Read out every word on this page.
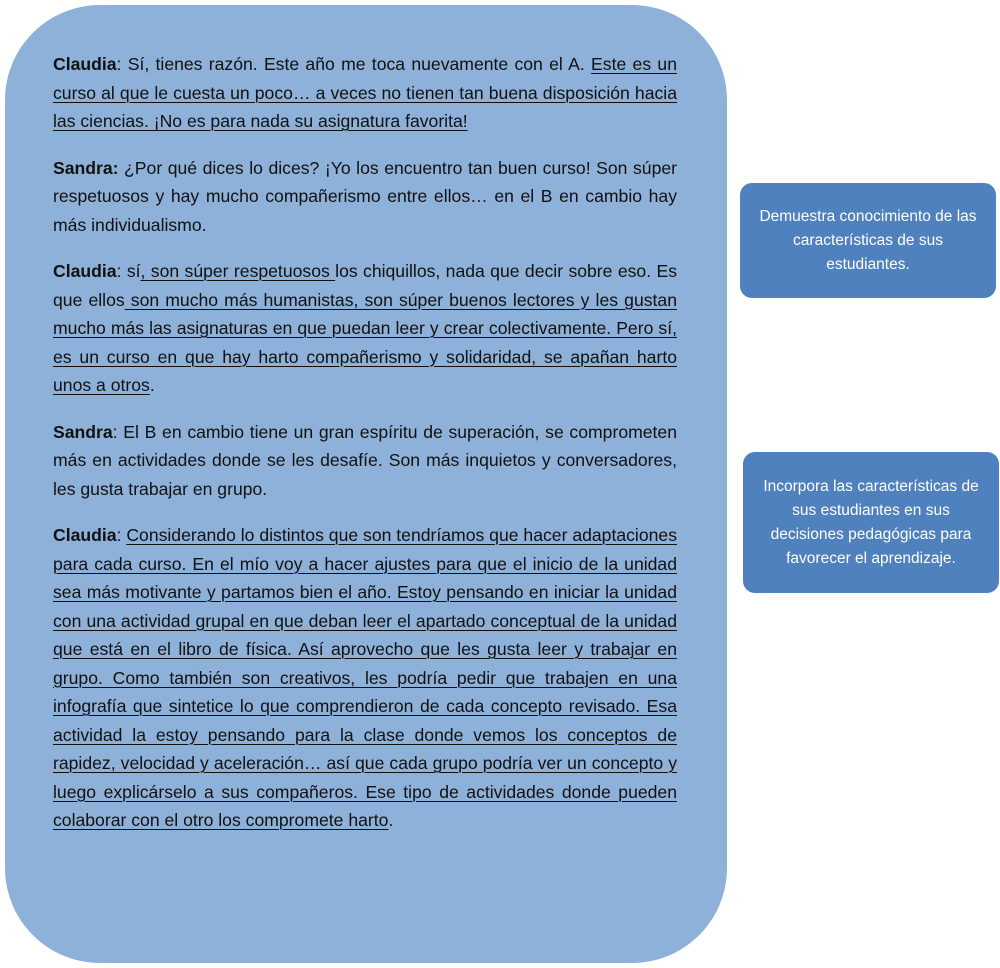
Claudia: Sí, tienes razón. Este año me toca nuevamente con el A. Este es un curso al que le cuesta un poco… a veces no tienen tan buena disposición hacia las ciencias. ¡No es para nada su asignatura favorita!

Sandra: ¿Por qué dices lo dices? ¡Yo los encuentro tan buen curso! Son súper respetuosos y hay mucho compañerismo entre ellos… en el B en cambio hay más individualismo.

Claudia: sí, son súper respetuosos los chiquillos, nada que decir sobre eso. Es que ellos son mucho más humanistas, son súper buenos lectores y les gustan mucho más las asignaturas en que puedan leer y crear colectivamente. Pero sí, es un curso en que hay harto compañerismo y solidaridad, se apañan harto unos a otros.

Sandra: El B en cambio tiene un gran espíritu de superación, se comprometen más en actividades donde se les desafíe. Son más inquietos y conversadores, les gusta trabajar en grupo.

Claudia: Considerando lo distintos que son tendríamos que hacer adaptaciones para cada curso. En el mío voy a hacer ajustes para que el inicio de la unidad sea más motivante y partamos bien el año. Estoy pensando en iniciar la unidad con una actividad grupal en que deban leer el apartado conceptual de la unidad que está en el libro de física. Así aprovecho que les gusta leer y trabajar en grupo. Como también son creativos, les podría pedir que trabajen en una infografía que sintetice lo que comprendieron de cada concepto revisado. Esa actividad la estoy pensando para la clase donde vemos los conceptos de rapidez, velocidad y aceleración… así que cada grupo podría ver un concepto y luego explicárselo a sus compañeros. Ese tipo de actividades donde pueden colaborar con el otro los compromete harto.

Demuestra conocimiento de las características de sus estudiantes.
Incorpora las características de sus estudiantes en sus decisiones pedagógicas para favorecer el aprendizaje.
